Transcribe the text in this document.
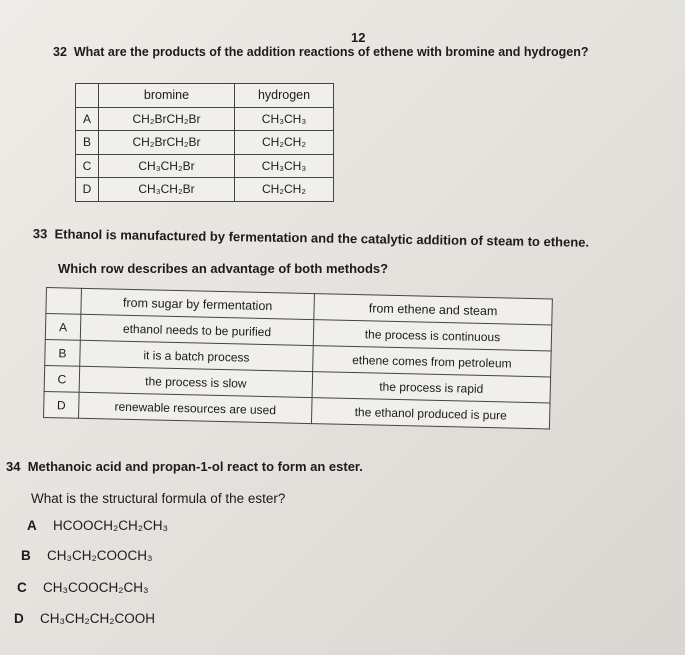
12
32 What are the products of the addition reactions of ethene with bromine and hydrogen?
	bromine	hydrogen
A	CH₂BrCH₂Br	CH₃CH₃
B	CH₂BrCH₂Br	CH₂CH₂
C	CH₃CH₂Br	CH₃CH₃
D	CH₃CH₂Br	CH₂CH₂
33 Ethanol is manufactured by fermentation and the catalytic addition of steam to ethene.
Which row describes an advantage of both methods?
	from sugar by fermentation	from ethene and steam
A	ethanol needs to be purified	the process is continuous
B	it is a batch process	ethene comes from petroleum
C	the process is slow	the process is rapid
D	renewable resources are used	the ethanol produced is pure
34 Methanoic acid and propan-1-ol react to form an ester.
What is the structural formula of the ester?
A HCOOCH₂CH₂CH₃
B CH₃CH₂COOCH₃
C CH₃COOCH₂CH₃
D CH₃CH₂CH₂COOH
